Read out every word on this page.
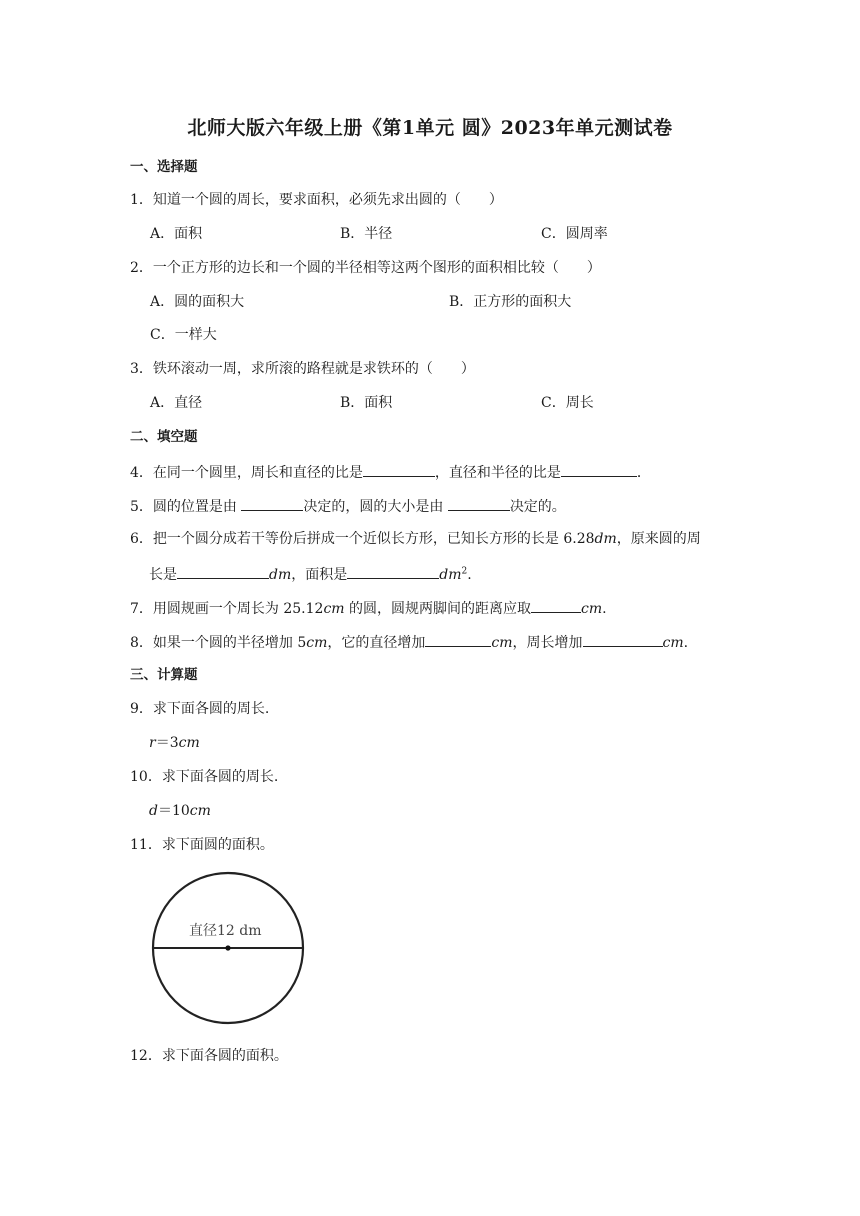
北师大版六年级上册《第1单元 圆》2023年单元测试卷
一、选择题
1．知道一个圆的周长，要求面积，必须先求出圆的（　　）
A．面积	B．半径	C．圆周率
2．一个正方形的边长和一个圆的半径相等这两个图形的面积相比较（　　）
A．圆的面积大	B．正方形的面积大
C．一样大
3．铁环滚动一周，求所滚的路程就是求铁环的（　　）
A．直径	B．面积	C．周长
二、填空题
4．在同一个圆里，周长和直径的比是	，直径和半径的比是	．
5．圆的位置是由	决定的，圆的大小是由	决定的。
6．把一个圆分成若干等份后拼成一个近似长方形，已知长方形的长是 6.28dm，原来圆的周
长是	dm，面积是	$dm^2$.
7．用圆规画一个周长为 25.12cm 的圆，圆规两脚间的距离应取	cm.
8．如果一个圆的半径增加 5cm，它的直径增加	cm，周长增加	cm.
三、计算题
9．求下面各圆的周长.
r＝3cm
10．求下面各圆的周长.
d＝10cm
11．求下面圆的面积。
直径12 dm
12．求下面各圆的面积。
